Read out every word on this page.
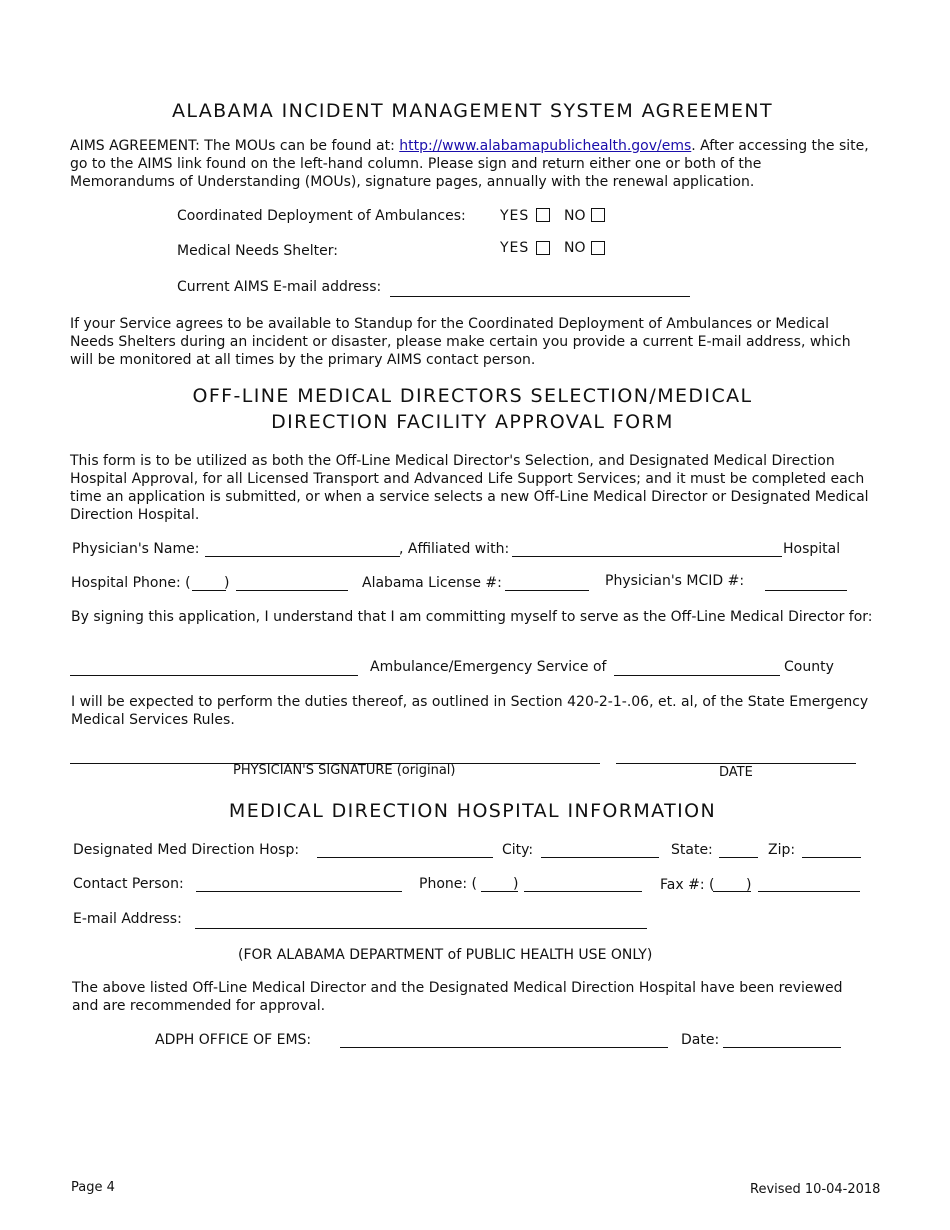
ALABAMA INCIDENT MANAGEMENT SYSTEM AGREEMENT
AIMS AGREEMENT: The MOUs can be found at: http://www.alabamapublichealth.gov/ems. After accessing the site, go to the AIMS link found on the left-hand column. Please sign and return either one or both of the Memorandums of Understanding (MOUs), signature pages, annually with the renewal application.
Coordinated Deployment of Ambulances: YES NO
Medical Needs Shelter:	YES NO
Current AIMS E-mail address:
If your Service agrees to be available to Standup for the Coordinated Deployment of Ambulances or Medical Needs Shelters during an incident or disaster, please make certain you provide a current E-mail address, which will be monitored at all times by the primary AIMS contact person.
OFF-LINE MEDICAL DIRECTORS SELECTION/MEDICAL
DIRECTION FACILITY APPROVAL FORM
This form is to be utilized as both the Off-Line Medical Director's Selection, and Designated Medical Direction Hospital Approval, for all Licensed Transport and Advanced Life Support Services; and it must be completed each time an application is submitted, or when a service selects a new Off-Line Medical Director or Designated Medical Direction Hospital.
Physician's Name:	, Affiliated with:	Hospital
Hospital Phone: ( )	Alabama License #:	Physician's MCID #:
By signing this application, I understand that I am committing myself to serve as the Off-Line Medical Director for:
Ambulance/Emergency Service of	County
I will be expected to perform the duties thereof, as outlined in Section 420-2-1-.06, et. al, of the State Emergency Medical Services Rules.
PHYSICIAN'S SIGNATURE (original)	DATE
MEDICAL DIRECTION HOSPITAL INFORMATION
Designated Med Direction Hosp:	City:	State:	Zip:
Contact Person:	Phone: (	)	Fax #: ( )
E-mail Address:
(FOR ALABAMA DEPARTMENT of PUBLIC HEALTH USE ONLY)
The above listed Off-Line Medical Director and the Designated Medical Direction Hospital have been reviewed and are recommended for approval.
ADPH OFFICE OF EMS:	Date:
Page 4	Revised 10-04-2018
